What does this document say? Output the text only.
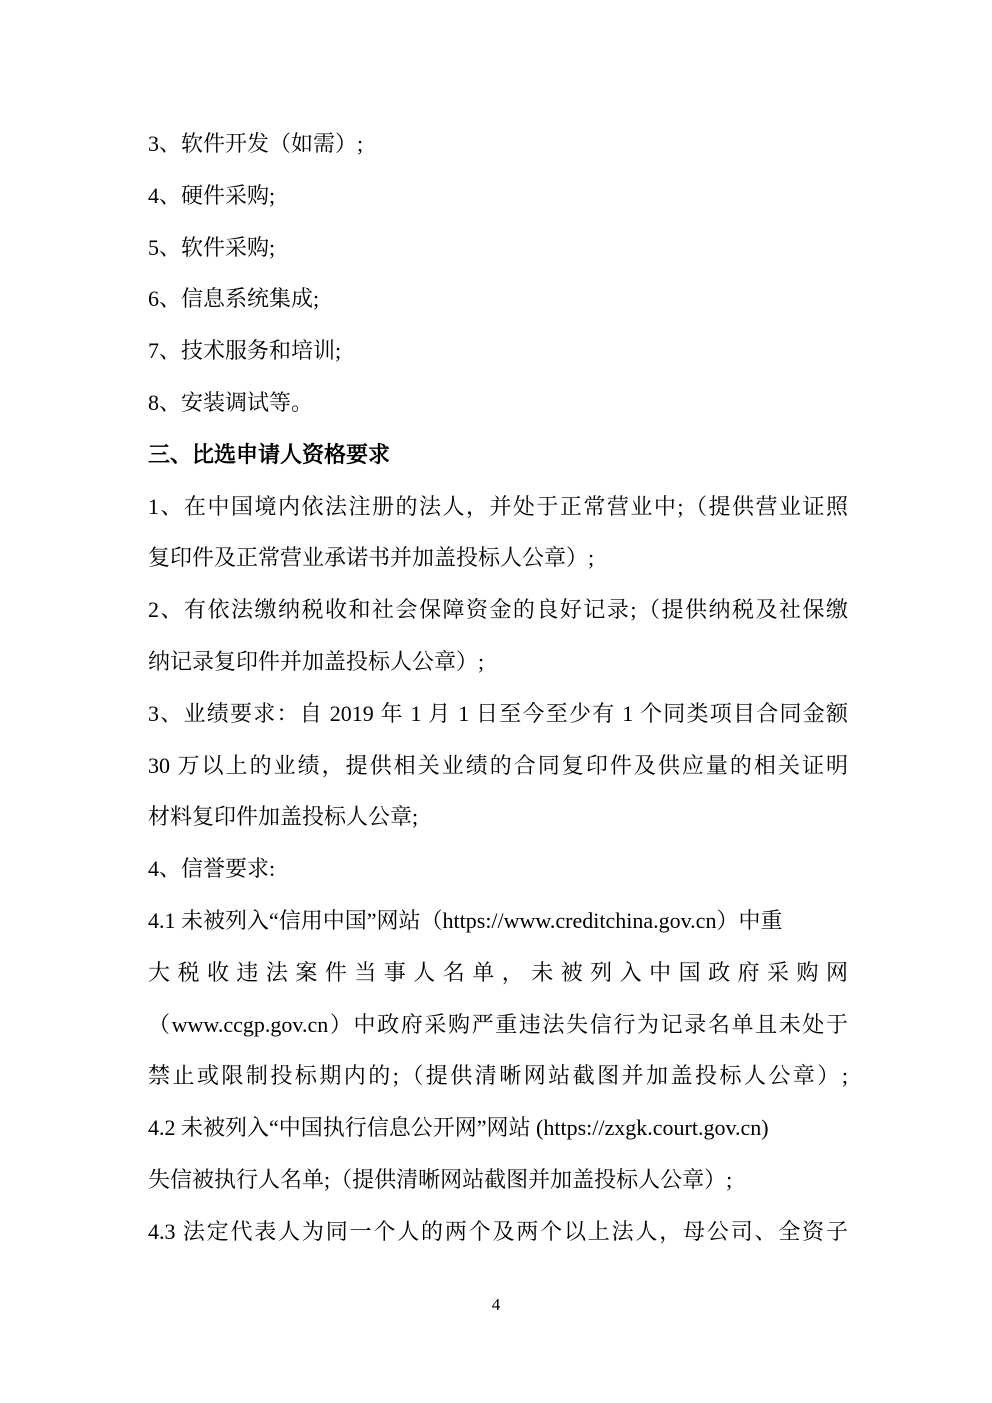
3、软件开发（如需）;
4、硬件采购;
5、软件采购;
6、信息系统集成;
7、技术服务和培训;
8、安装调试等。
三、比选申请人资格要求
1、在中国境内依法注册的法人，并处于正常营业中;（提供营业证照
复印件及正常营业承诺书并加盖投标人公章）;
2、有依法缴纳税收和社会保障资金的良好记录;（提供纳税及社保缴
纳记录复印件并加盖投标人公章）;
3、业绩要求：自 2019 年 1 月 1 日至今至少有 1 个同类项目合同金额
30 万以上的业绩，提供相关业绩的合同复印件及供应量的相关证明
材料复印件加盖投标人公章;
4、信誉要求:
4.1 未被列入“信用中国”网站（https://www.creditchina.gov.cn）中重
大税收违法案件当事人名单，未被列入中国政府采购网
（www.ccgp.gov.cn）中政府采购严重违法失信行为记录名单且未处于
禁止或限制投标期内的;（提供清晰网站截图并加盖投标人公章）;
4.2 未被列入“中国执行信息公开网”网站 (https://zxgk.court.gov.cn)
失信被执行人名单;（提供清晰网站截图并加盖投标人公章）;
4.3 法定代表人为同一个人的两个及两个以上法人，母公司、全资子
4
